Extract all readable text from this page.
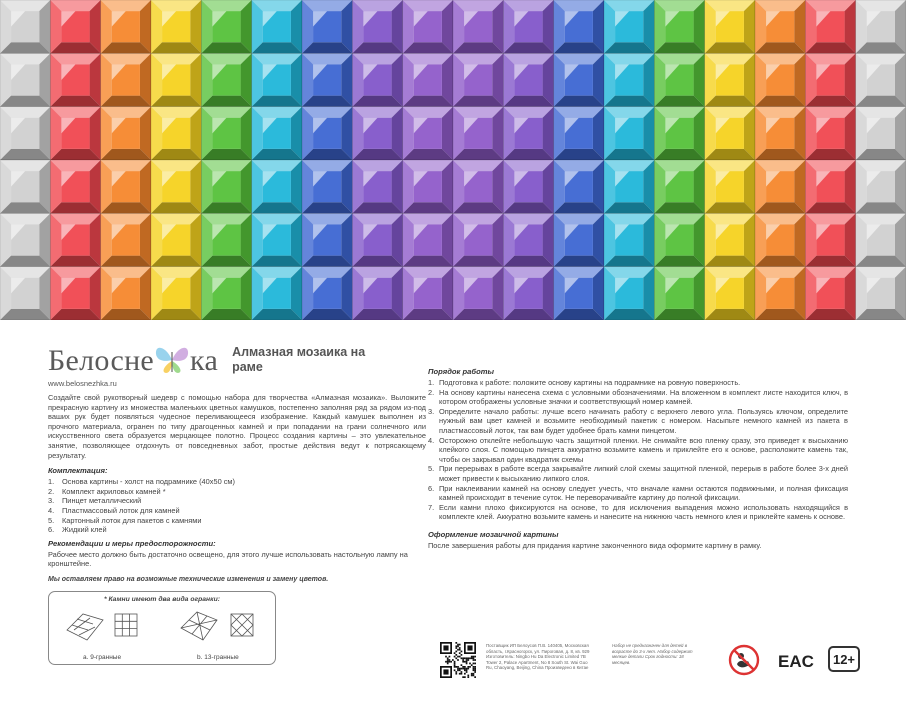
Белосне ка Алмазная мозаика на раме
www.belosnezhka.ru

Создайте свой рукотворный шедевр с помощью набора для творчества «Алмазная мозаика». Выложите прекрасную картину из множества маленьких цветных камушков, постепенно заполняя ряд за рядом из-под ваших рук будет появляться чудесное переливающееся изображение. Каждый камушек выполнен из прочного материала, огранен по типу драгоценных камней и при попадании на грани солнечного или искусственного света образуется мерцающее полотно. Процесс создания картины – это увлекательное занятие, позволяющее отдохнуть от повседневных забот, простые действия ведут к потрясающему результату.

Комплектация:
1.	Основа картины - холст на подрамнике (40х50 см)
2.	Комплект акриловых камней *
3.	Пинцет металлический
4.	Пластмассовый лоток для камней
5.	Картонный лоток для пакетов с камнями
6.	Жидкий клей
Рекомендации и меры предосторожности:

Рабочее место должно быть достаточно освещено, для этого лучше использовать настольную лампу на кронштейне.

Мы оставляем право на возможные технические изменения и замену цветов.

* Камни имеют два вида огранки:
a. 9-гранные	b. 13-гранные
Порядок работы
1. Подготовка к работе: положите основу картины на подрамнике на ровную поверхность.
2. На основу картины нанесена схема с условными обозначениями. На вложенном в комплект листе находится ключ, в котором отображены условные значки и соответствующий номер камней.
3. Определите начало работы: лучше всего начинать работу с верхнего левого угла. Пользуясь ключом, определите нужный вам цвет камней и возьмите необходимый пакетик с номером. Насыпьте немного камней из пакета в пластмассовый лоток, так вам будет удобнее брать камни пинцетом.
4. Осторожно отклейте небольшую часть защитной пленки. Не снимайте всю пленку сразу, это приведет к высыханию клейкого слоя. С помощью пинцета аккуратно возьмите камень и приклейте его к основе, расположите камень так, чтобы он закрывал один квадратик схемы
5. При перерывах в работе всегда закрывайте липкий слой схемы защитной пленкой, перерыв в работе более 3-х дней может привести к высыханию липкого слоя.
6. При наклеивании камней на основу следует учесть, что вначале камни остаются подвижными, и полная фиксация камней происходит в течение суток. Не переворачивайте картину до полной фиксации.
7. Если камни плохо фиксируются на основе, то для исключения выпадения можно использовать находящийся в комплекте клей. Аккуратно возьмите камень и нанесите на нижнюю часть немного клея и приклейте камень к основе.
Оформление мозаичной картины

После завершения работы для придания картине законченного вида оформите картину в рамку.

Поставщик ИП Белоусов П.В. 140405, Московская область, г.Красногорск, ул. Пироговая, д. 8, кв. 929 Изготовитель: Ningbo Hu Da Electronic Limited 7B Tower 2, Palace Apartment, No 8 South St. Wai Guo Ru, Chaoyang, Beijing, China Произведено в Китае
Набор не предназначен для детей в возрасте до 3-х лет. Набор содержит мелкие детали Срок годности: 18 месяцев.	EAC	12+
